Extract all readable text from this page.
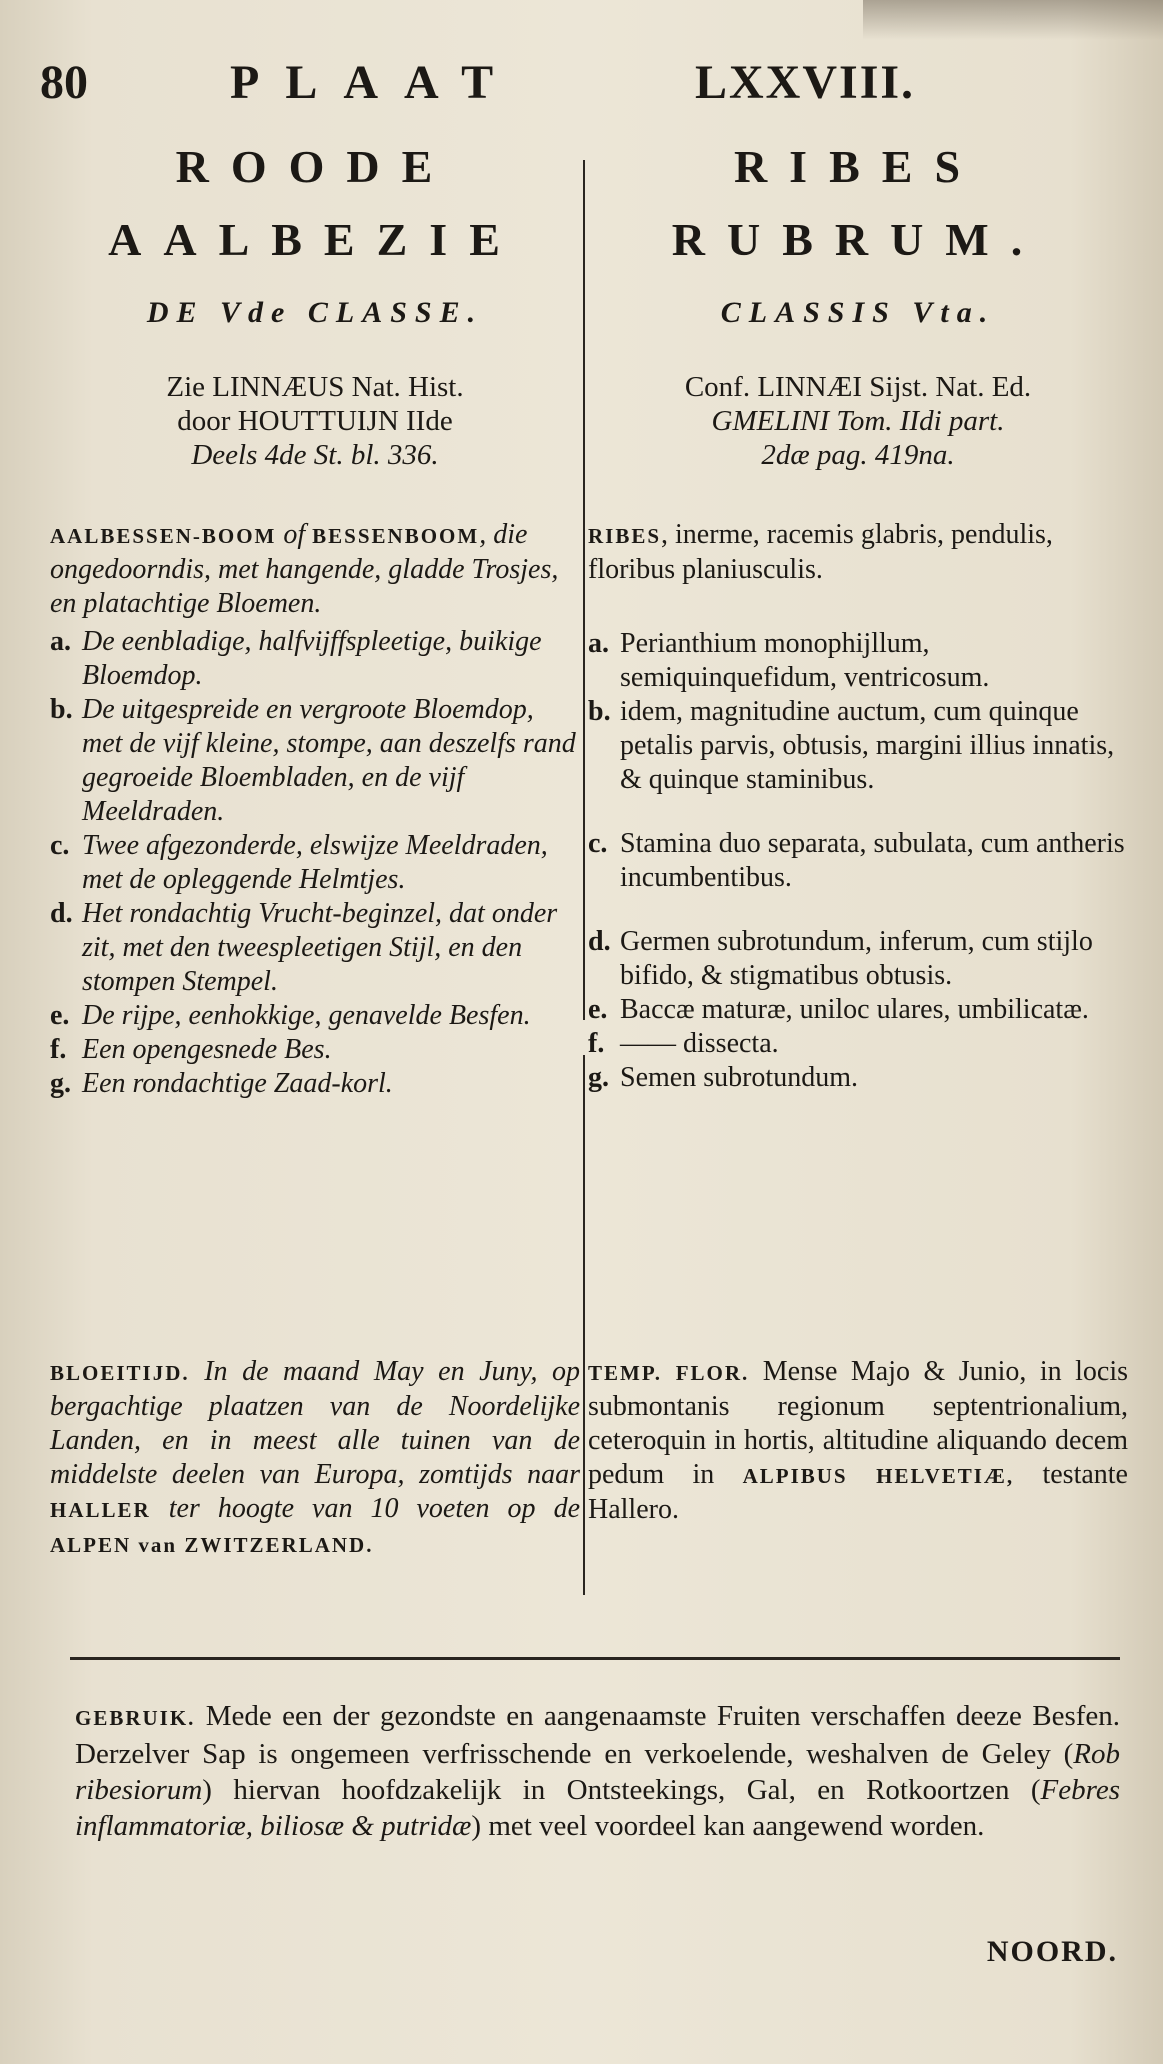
80	PLAAT	LXXVIII.
ROODE
AALBEZIE
DE Vde CLASSE.
Zie LINNÆUS Nat. Hist.
door HOUTTUIJN IIde
Deels 4de St. bl. 336.

AALBESSEN-BOOM of BESSENBOOM, die ongedoorndis, met hangende, gladde Trosjes, en platachtige Bloemen.

a. De eenbladige, halfvijffspleetige, buikige Bloemdop.

b. De uitgespreide en vergroote Bloemdop, met de vijf kleine, stompe, aan deszelfs rand gegroeide Bloembladen, en de vijf Meeldraden.

c. Twee afgezonderde, elswijze Meeldraden, met de opleggende Helmtjes.

d. Het rondachtig Vrucht-beginzel, dat onder zit, met den tweespleetigen Stijl, en den stompen Stempel.

e. De rijpe, eenhokkige, genavelde Besfen.

f. Een opengesnede Bes.

g. Een rondachtige Zaad-korl.

BLOEITIJD. In de maand May en Juny, op bergachtige plaatzen van de Noordelijke Landen, en in meest alle tuinen van de middelste deelen van Europa, zomtijds naar HALLER ter hoogte van 10 voeten op de ALPEN van ZWITZERLAND.
RIBES
RUBRUM.
CLASSIS Vta.
Conf. LINNÆI Sijst. Nat. Ed.
GMELINI Tom. IIdi part.
2dæ pag. 419na.

RIBES, inerme, racemis glabris, pendulis, floribus planiusculis.

a. Perianthium monophijllum, semiquinquefidum, ventricosum.

b. idem, magnitudine auctum, cum quinque petalis parvis, obtusis, margini illius innatis, & quinque staminibus.

c. Stamina duo separata, subulata, cum antheris incumbentibus.

d. Germen subrotundum, inferum, cum stijlo bifido, & stigmatibus obtusis.

e. Baccæ maturæ, uniloc ulares, umbilicatæ.

f. —— dissecta.

g. Semen subrotundum.

TEMP. FLOR. Mense Majo & Junio, in locis submontanis regionum septentrionalium, ceteroquin in hortis, altitudine aliquando decem pedum in ALPIBUS HELVETIÆ, testante Hallero.
GEBRUIK. Mede een der gezondste en aangenaamste Fruiten verschaffen deeze Besfen. Derzelver Sap is ongemeen verfrisschende en verkoelende, weshalven de Geley (Rob ribesiorum) hiervan hoofdzakelijk in Ontsteekings, Gal, en Rotkoortzen (Febres inflammatoriæ, biliosæ & putridæ) met veel voordeel kan aangewend worden.
NOORD.
